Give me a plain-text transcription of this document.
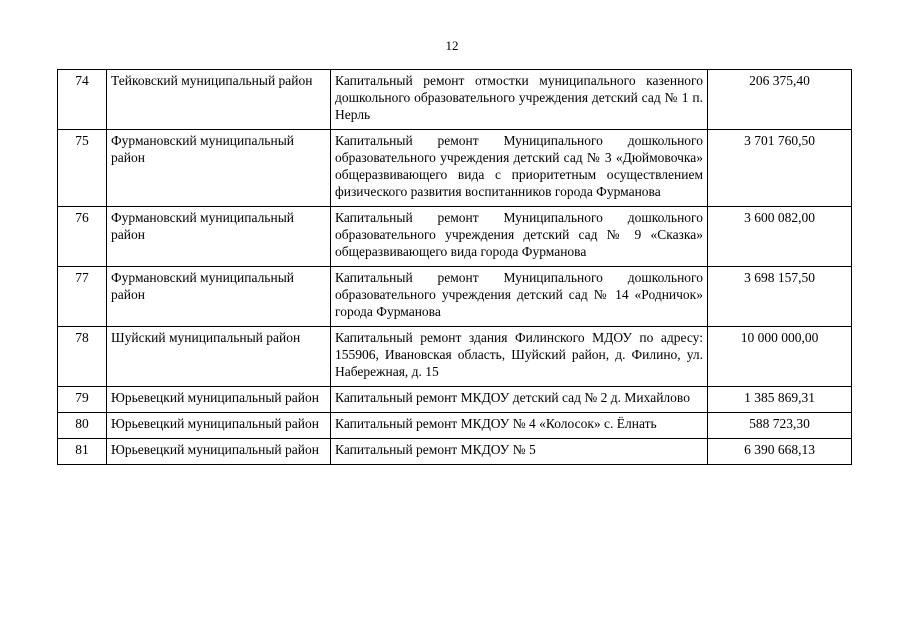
12
74	Тейковский муниципальный район	Капитальный ремонт отмостки муниципального казенного дошкольного образовательного учреждения детский сад № 1 п. Нерль	206 375,40
75	Фурмановский муниципальный район	Капитальный ремонт Муниципального дошкольного образовательного учреждения детский сад № 3 «Дюймовочка» общеразвивающего вида с приоритетным осуществлением физического развития воспитанников города Фурманова	3 701 760,50
76	Фурмановский муниципальный район	Капитальный ремонт Муниципального дошкольного образовательного учреждения детский сад № 9 «Сказка» общеразвивающего вида города Фурманова	3 600 082,00
77	Фурмановский муниципальный район	Капитальный ремонт Муниципального дошкольного образовательного учреждения детский сад № 14 «Родничок» города Фурманова	3 698 157,50
78	Шуйский муниципальный район	Капитальный ремонт здания Филинского МДОУ по адресу: 155906, Ивановская область, Шуйский район, д. Филино, ул. Набережная, д. 15	10 000 000,00
79	Юрьевецкий муниципальный район	Капитальный ремонт МКДОУ детский сад № 2 д. Михайлово	1 385 869,31
80	Юрьевецкий муниципальный район	Капитальный ремонт МКДОУ № 4 «Колосок» с. Ёлнать	588 723,30
81	Юрьевецкий муниципальный район	Капитальный ремонт МКДОУ № 5	6 390 668,13
